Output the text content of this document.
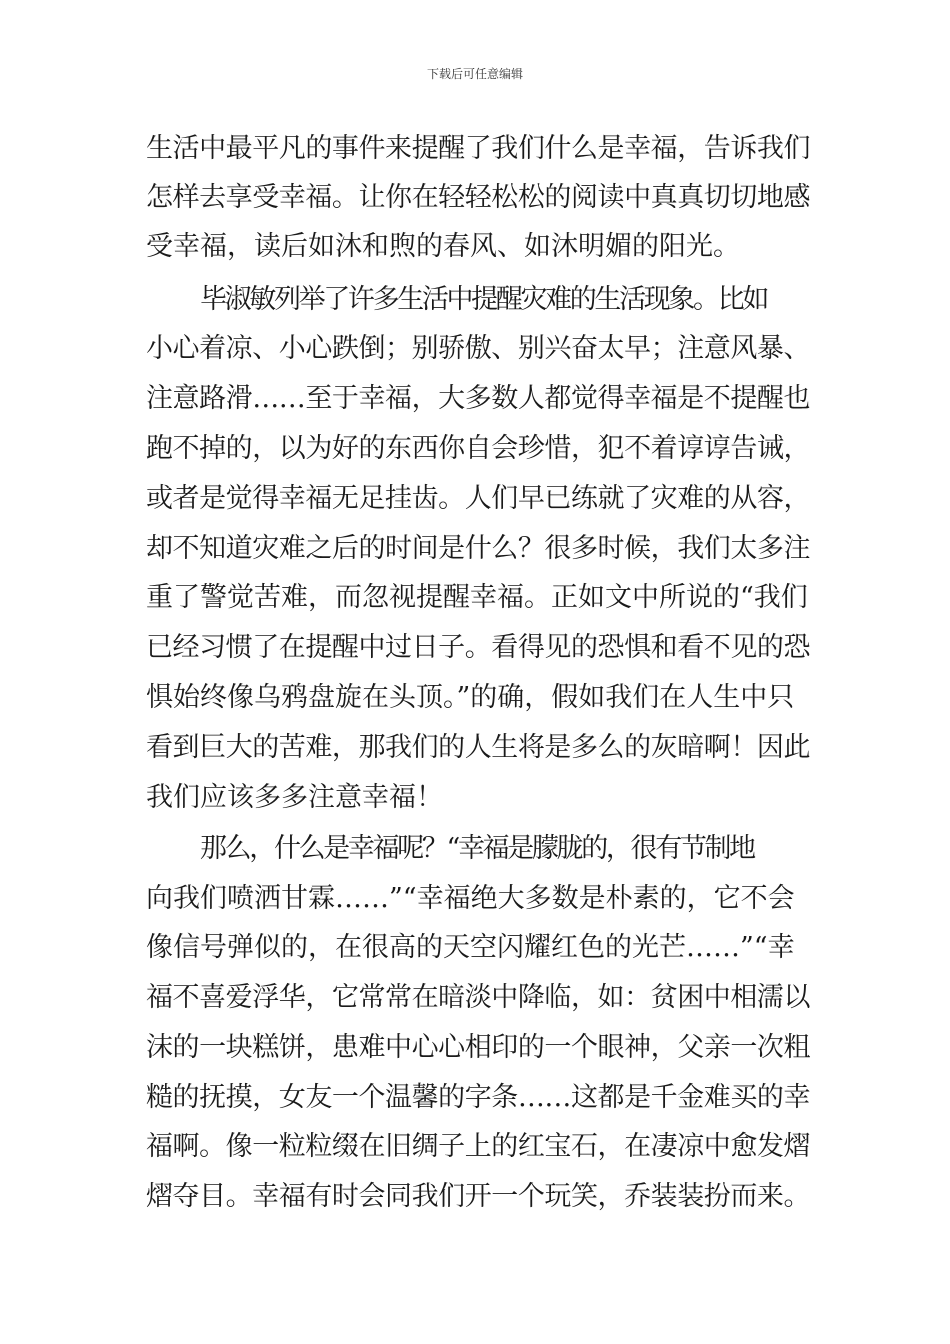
下载后可任意编辑
生活中最平凡的事件来提醒了我们什么是幸福，告诉我们
怎样去享受幸福。让你在轻轻松松的阅读中真真切切地感
受幸福，读后如沐和煦的春风、如沐明媚的阳光。
毕淑敏列举了许多生活中提醒灾难的生活现象。比如
小心着凉、小心跌倒；别骄傲、别兴奋太早；注意风暴、
注意路滑……至于幸福，大多数人都觉得幸福是不提醒也
跑不掉的，以为好的东西你自会珍惜，犯不着谆谆告诫，
或者是觉得幸福无足挂齿。人们早已练就了灾难的从容，
却不知道灾难之后的时间是什么？很多时候，我们太多注
重了警觉苦难，而忽视提醒幸福。正如文中所说的“我们
已经习惯了在提醒中过日子。看得见的恐惧和看不见的恐
惧始终像乌鸦盘旋在头顶。”的确，假如我们在人生中只
看到巨大的苦难，那我们的人生将是多么的灰暗啊！因此
我们应该多多注意幸福！
那么，什么是幸福呢？“幸福是朦胧的，很有节制地
向我们喷洒甘霖……”“幸福绝大多数是朴素的，它不会
像信号弹似的，在很高的天空闪耀红色的光芒……”“幸
福不喜爱浮华，它常常在暗淡中降临，如：贫困中相濡以
沫的一块糕饼，患难中心心相印的一个眼神，父亲一次粗
糙的抚摸，女友一个温馨的字条……这都是千金难买的幸
福啊。像一粒粒缀在旧绸子上的红宝石，在凄凉中愈发熠
熠夺目。幸福有时会同我们开一个玩笑，乔装装扮而来。
